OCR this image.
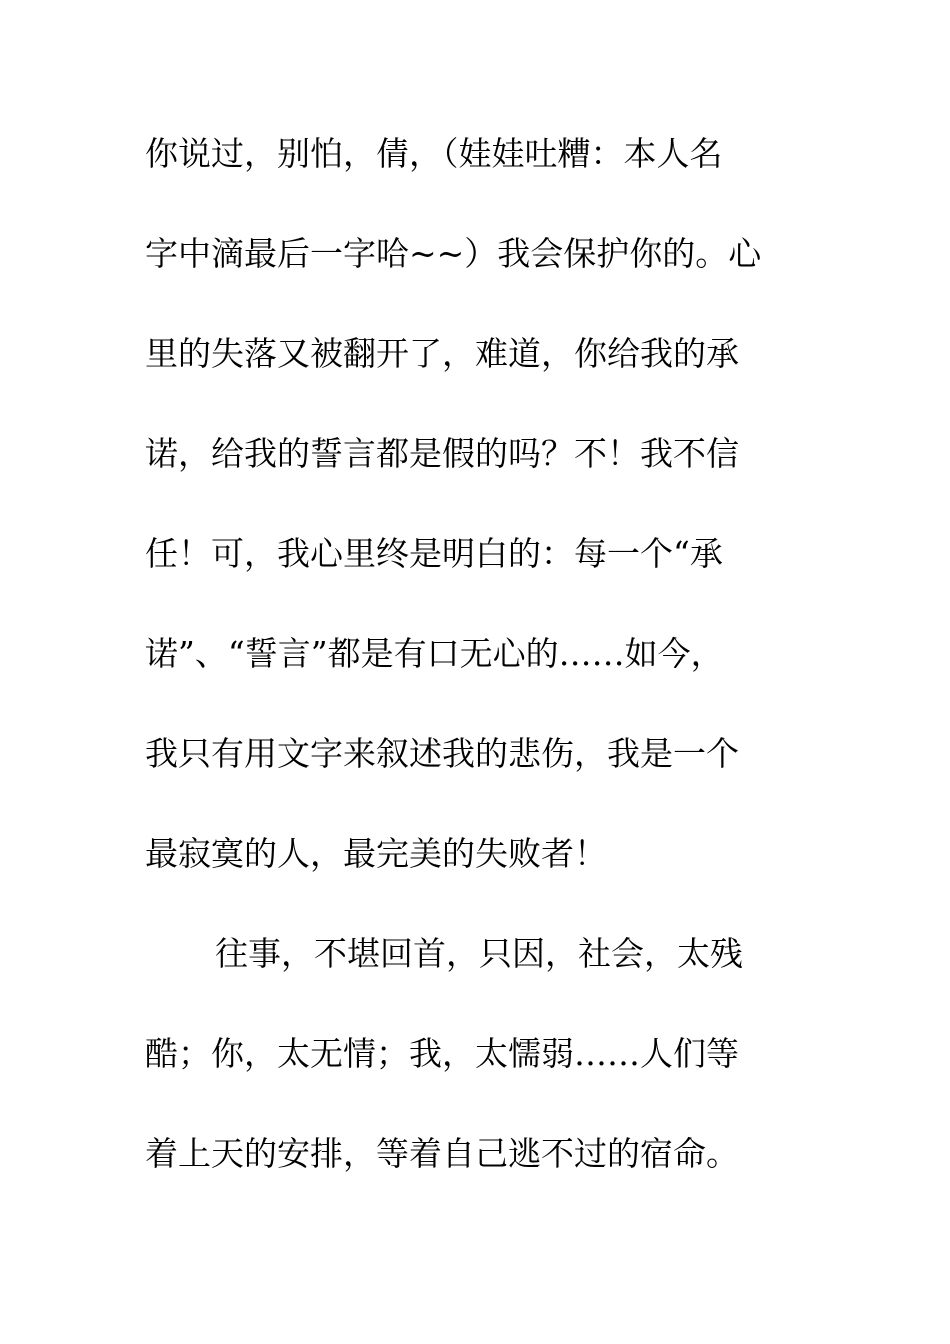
你说过，别怕，倩，（娃娃吐糟：本人名
字中滴最后一字哈~~）我会保护你的。心
里的失落又被翻开了，难道，你给我的承
诺，给我的誓言都是假的吗？不！我不信
任！可，我心里终是明白的：每一个“承
诺”、“誓言”都是有口无心的……如今，
我只有用文字来叙述我的悲伤，我是一个
最寂寞的人，最完美的失败者！
往事，不堪回首，只因，社会，太残
酷；你，太无情；我，太懦弱……人们等
着上天的安排，等着自己逃不过的宿命。
